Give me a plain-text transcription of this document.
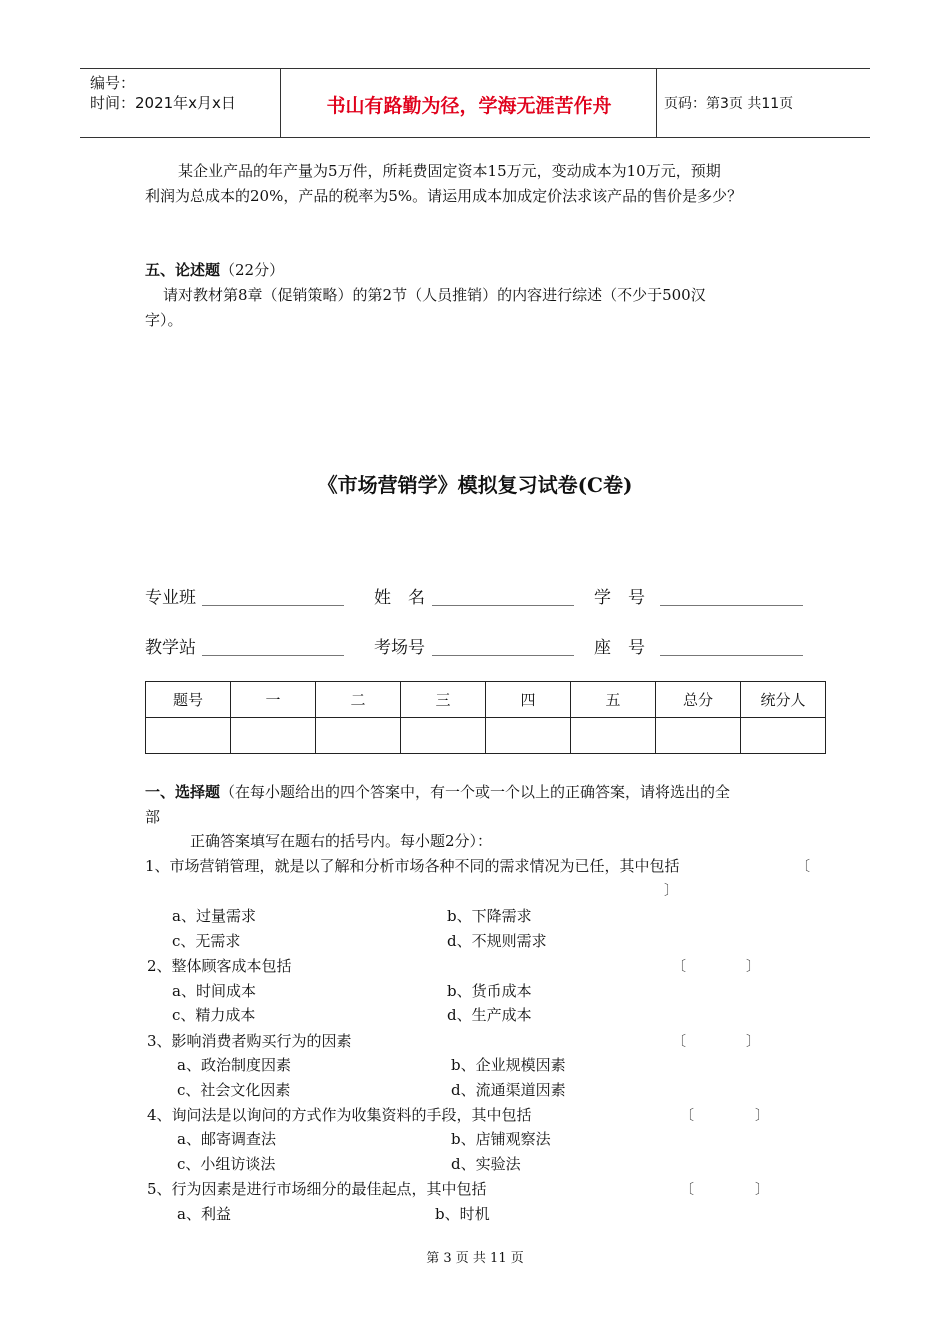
编号：
时间：2021年x月x日	书山有路勤为径，学海无涯苦作舟	页码：第3页 共11页
某企业产品的年产量为5万件，所耗费固定资本15万元，变动成本为10万元，预期
利润为总成本的20%，产品的税率为5%。请运用成本加成定价法求该产品的售价是多少？
五、论述题（22分）
请对教材第8章（促销策略）的第2节（人员推销）的内容进行综述（不少于500汉
字）。
《市场营销学》模拟复习试卷(C卷)
专业班	姓　名	学　号
教学站	考场号	座　号
题号	一	二	三	四	五	总分	统分人

一、选择题（在每小题给出的四个答案中，有一个或一个以上的正确答案，请将选出的全
部
正确答案填写在题右的括号内。每小题2分）：
1、市场营销管理，就是以了解和分析市场各种不同的需求情况为已任，其中包括	〔
〕
a、过量需求	b、下降需求
c、无需求	d、不规则需求
2、整体顾客成本包括	〔	〕
a、时间成本	b、货币成本
c、精力成本	d、生产成本
3、影响消费者购买行为的因素	〔	〕
a、政治制度因素	b、企业规模因素
c、社会文化因素	d、流通渠道因素
4、询问法是以询问的方式作为收集资料的手段，其中包括	〔	〕
a、邮寄调查法	b、店铺观察法
c、小组访谈法	d、实验法
5、行为因素是进行市场细分的最佳起点，其中包括	〔	〕
a、利益	b、时机
第 3 页 共 11 页
